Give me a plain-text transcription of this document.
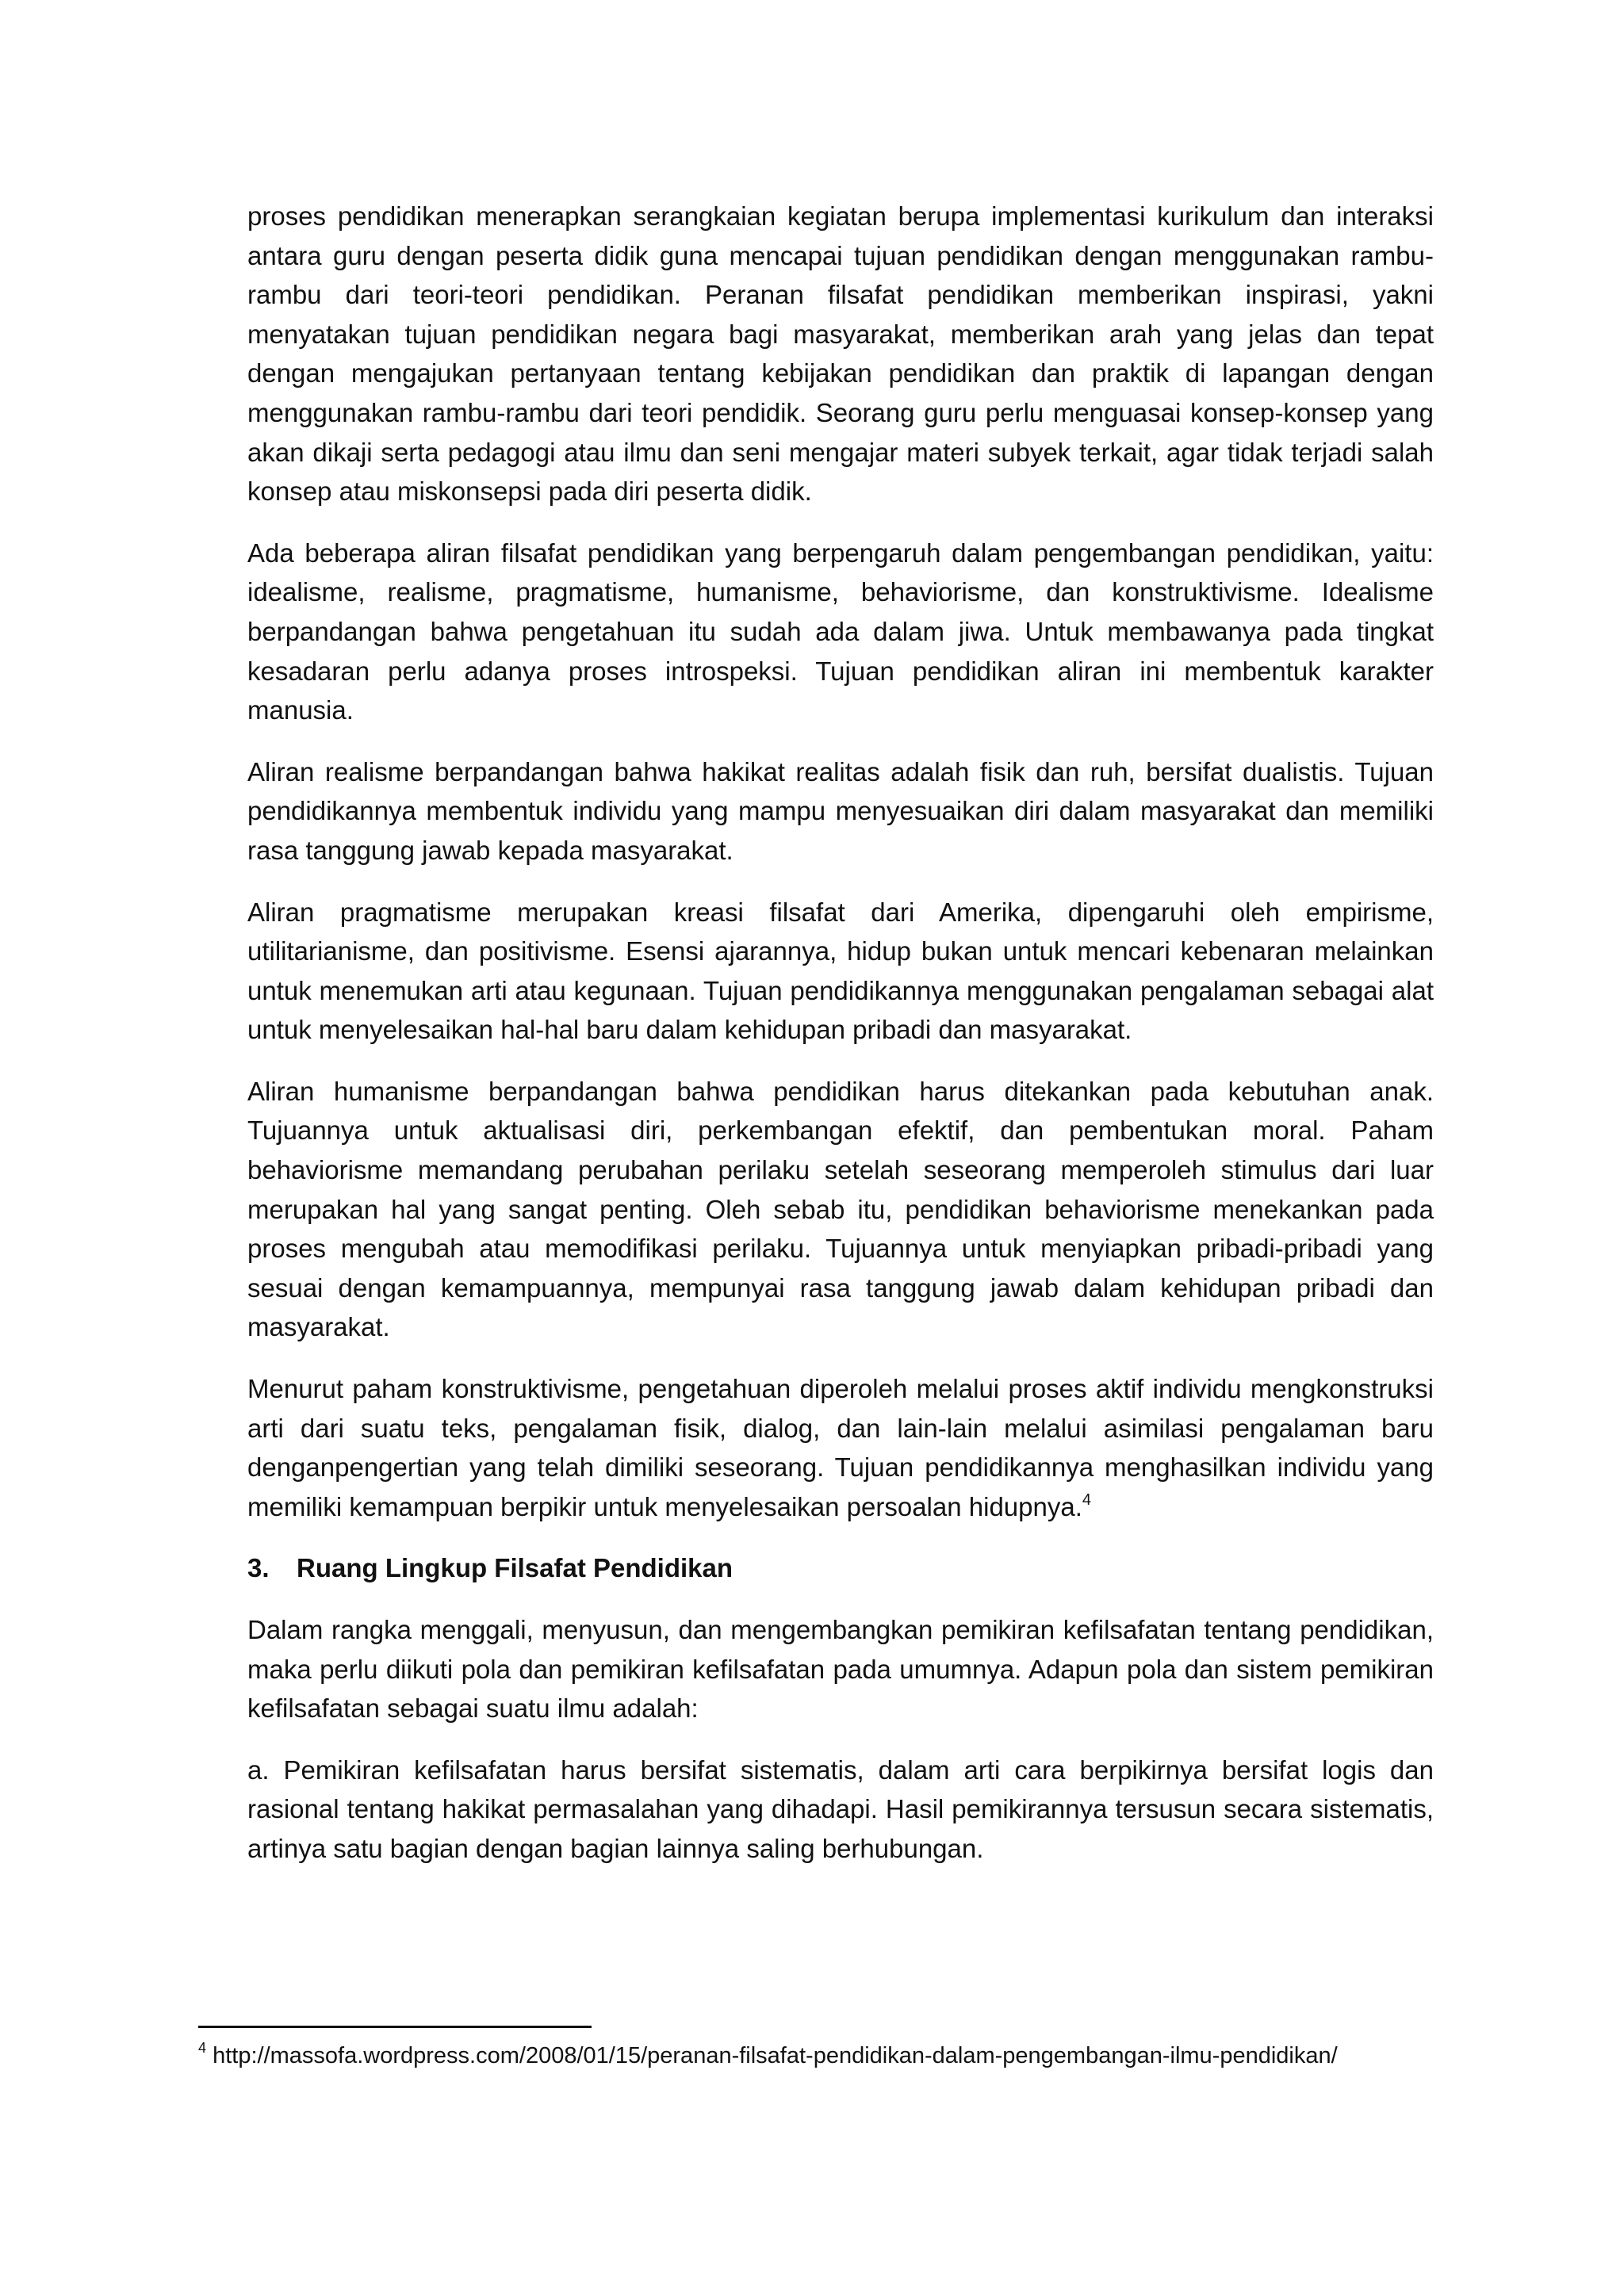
proses pendidikan menerapkan serangkaian kegiatan berupa implementasi kurikulum dan interaksi antara guru dengan peserta didik guna mencapai tujuan pendidikan dengan menggunakan rambu-rambu dari teori-teori pendidikan. Peranan filsafat pendidikan memberikan inspirasi, yakni menyatakan tujuan pendidikan negara bagi masyarakat, memberikan arah yang jelas dan tepat dengan mengajukan pertanyaan tentang kebijakan pendidikan dan praktik di lapangan dengan menggunakan rambu-rambu dari teori pendidik. Seorang guru perlu menguasai konsep-konsep yang akan dikaji serta pedagogi atau ilmu dan seni mengajar materi subyek terkait, agar tidak terjadi salah konsep atau miskonsepsi pada diri peserta didik.

Ada beberapa aliran filsafat pendidikan yang berpengaruh dalam pengembangan pendidikan, yaitu: idealisme, realisme, pragmatisme, humanisme, behaviorisme, dan konstruktivisme. Idealisme berpandangan bahwa pengetahuan itu sudah ada dalam jiwa. Untuk membawanya pada tingkat kesadaran perlu adanya proses introspeksi. Tujuan pendidikan aliran ini membentuk karakter manusia.

Aliran realisme berpandangan bahwa hakikat realitas adalah fisik dan ruh, bersifat dualistis. Tujuan pendidikannya membentuk individu yang mampu menyesuaikan diri dalam masyarakat dan memiliki rasa tanggung jawab kepada masyarakat.

Aliran pragmatisme merupakan kreasi filsafat dari Amerika, dipengaruhi oleh empirisme, utilitarianisme, dan positivisme. Esensi ajarannya, hidup bukan untuk mencari kebenaran melainkan untuk menemukan arti atau kegunaan. Tujuan pendidikannya menggunakan pengalaman sebagai alat untuk menyelesaikan hal-hal baru dalam kehidupan pribadi dan masyarakat.

Aliran humanisme berpandangan bahwa pendidikan harus ditekankan pada kebutuhan anak. Tujuannya untuk aktualisasi diri, perkembangan efektif, dan pembentukan moral. Paham behaviorisme memandang perubahan perilaku setelah seseorang memperoleh stimulus dari luar merupakan hal yang sangat penting. Oleh sebab itu, pendidikan behaviorisme menekankan pada proses mengubah atau memodifikasi perilaku. Tujuannya untuk menyiapkan pribadi-pribadi yang sesuai dengan kemampuannya, mempunyai rasa tanggung jawab dalam kehidupan pribadi dan masyarakat.

Menurut paham konstruktivisme, pengetahuan diperoleh melalui proses aktif individu mengkonstruksi arti dari suatu teks, pengalaman fisik, dialog, dan lain-lain melalui asimilasi pengalaman baru denganpengertian yang telah dimiliki seseorang. Tujuan pendidikannya menghasilkan individu yang memiliki kemampuan berpikir untuk menyelesaikan persoalan hidupnya.$^4$

3. Ruang Lingkup Filsafat Pendidikan

Dalam rangka menggali, menyusun, dan mengembangkan pemikiran kefilsafatan tentang pendidikan, maka perlu diikuti pola dan pemikiran kefilsafatan pada umumnya. Adapun pola dan sistem pemikiran kefilsafatan sebagai suatu ilmu adalah:

a. Pemikiran kefilsafatan harus bersifat sistematis, dalam arti cara berpikirnya bersifat logis dan rasional tentang hakikat permasalahan yang dihadapi. Hasil pemikirannya tersusun secara sistematis, artinya satu bagian dengan bagian lainnya saling berhubungan.

$^4$ http://massofa.wordpress.com/2008/01/15/peranan-filsafat-pendidikan-dalam-pengembangan-ilmu-pendidikan/
